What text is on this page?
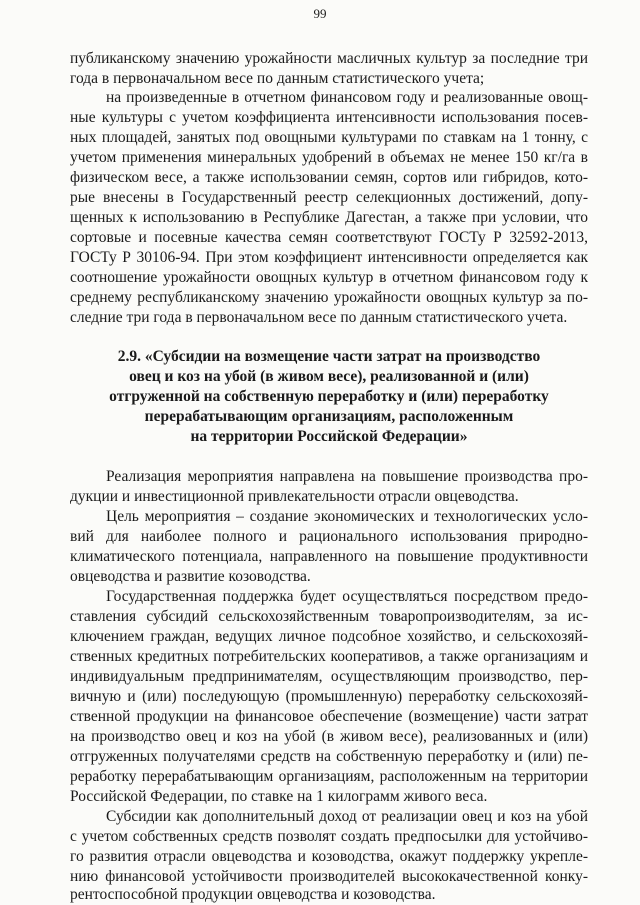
99
публиканскому значению урожайности масличных культур за последние три
года в первоначальном весе по данным статистического учета;
на произведенные в отчетном финансовом году и реализованные овощ-
ные культуры с учетом коэффициента интенсивности использования посев-
ных площадей, занятых под овощными культурами по ставкам на 1 тонну, с
учетом применения минеральных удобрений в объемах не менее 150 кг/га в
физическом весе, а также использовании семян, сортов или гибридов, кото-
рые внесены в Государственный реестр селекционных достижений, допу-
щенных к использованию в Республике Дагестан, а также при условии, что
сортовые и посевные качества семян соответствуют ГОСТу Р 32592-2013,
ГОСТу Р 30106-94. При этом коэффициент интенсивности определяется как
соотношение урожайности овощных культур в отчетном финансовом году к
среднему республиканскому значению урожайности овощных культур за по-
следние три года в первоначальном весе по данным статистического учета.
2.9. «Субсидии на возмещение части затрат на производство
овец и коз на убой (в живом весе), реализованной и (или)
отгруженной на собственную переработку и (или) переработку
перерабатывающим организациям, расположенным
на территории Российской Федерации»
Реализация мероприятия направлена на повышение производства про-
дукции и инвестиционной привлекательности отрасли овцеводства.
Цель мероприятия – создание экономических и технологических усло-
вий для наиболее полного и рационального использования природно-
климатического потенциала, направленного на повышение продуктивности
овцеводства и развитие козоводства.
Государственная поддержка будет осуществляться посредством предо-
ставления субсидий сельскохозяйственным товаропроизводителям, за ис-
ключением граждан, ведущих личное подсобное хозяйство, и сельскохозяй-
ственных кредитных потребительских кооперативов, а также организациям и
индивидуальным предпринимателям, осуществляющим производство, пер-
вичную и (или) последующую (промышленную) переработку сельскохозяй-
ственной продукции на финансовое обеспечение (возмещение) части затрат
на производство овец и коз на убой (в живом весе), реализованных и (или)
отгруженных получателями средств на собственную переработку и (или) пе-
реработку перерабатывающим организациям, расположенным на территории
Российской Федерации, по ставке на 1 килограмм живого веса.
Субсидии как дополнительный доход от реализации овец и коз на убой
с учетом собственных средств позволят создать предпосылки для устойчиво-
го развития отрасли овцеводства и козоводства, окажут поддержку укрепле-
нию финансовой устойчивости производителей высококачественной конку-
рентоспособной продукции овцеводства и козоводства.
